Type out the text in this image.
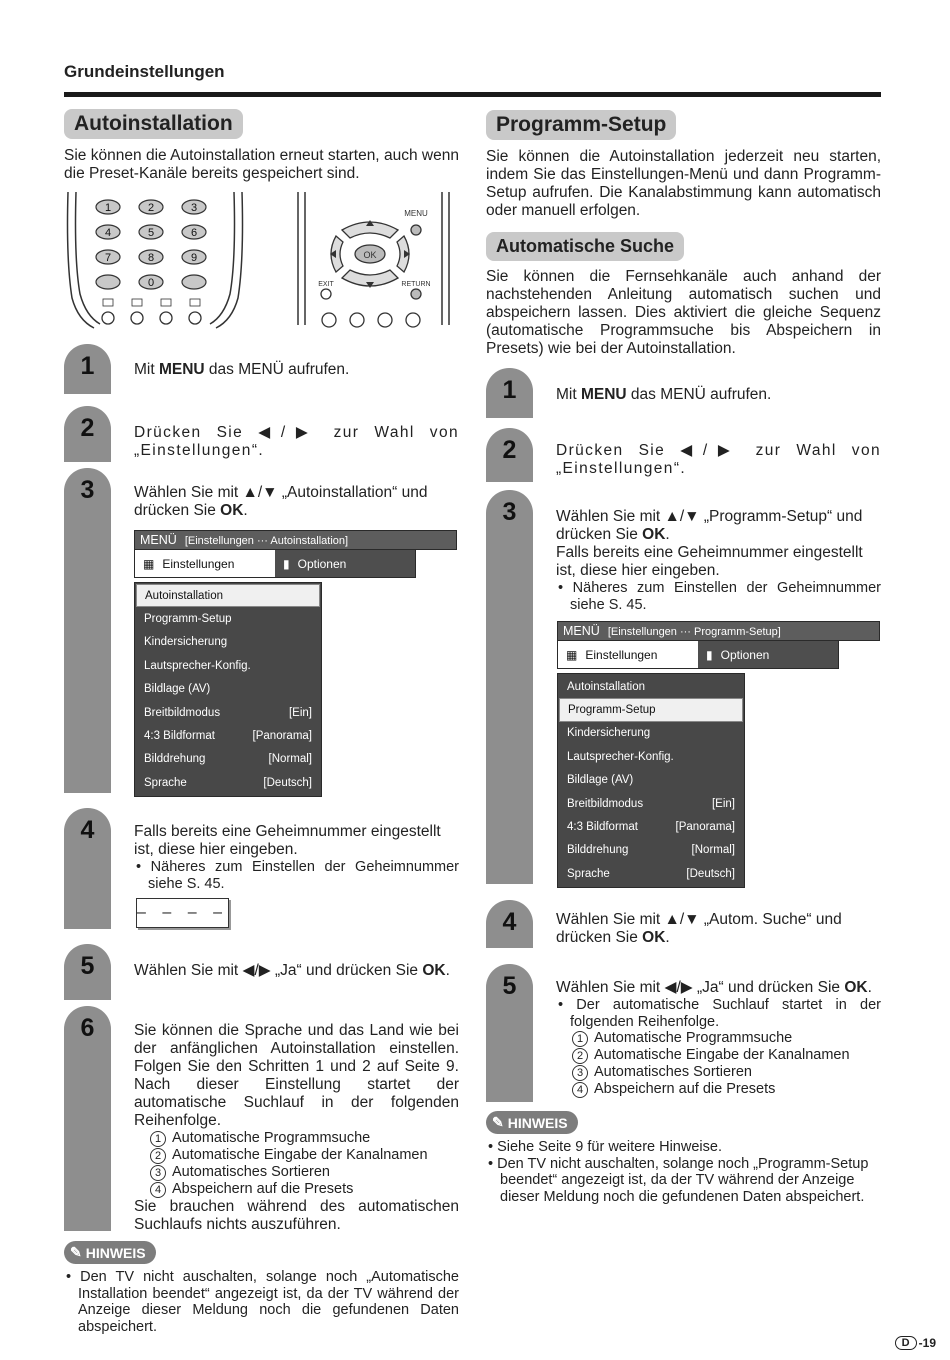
Grundeinstellungen
Autoinstallation
Sie können die Autoinstallation erneut starten, auch wenn die Preset-Kanäle bereits gespeichert sind.
1	2	3
4	5	6
7	8	9
0
OK
MENU
EXIT	RETURN
1	Mit MENU das MENÜ aufrufen.
2	Drücken Sie ◀/▶ zur Wahl von „Einstellungen“.
3	Wählen Sie mit ▲/▼ „Autoinstallation“ und drücken Sie OK.
MENÜ [Einstellungen ··· Autoinstallation]
▦ Einstellungen	▮ Optionen
Autoinstallation
Programm-Setup
Kindersicherung
Lautsprecher-Konfig.
Bildlage (AV)
Breitbildmodus	[Ein]
4:3 Bildformat	[Panorama]
Bilddrehung	[Normal]
Sprache	[Deutsch]
4	Falls bereits eine Geheimnummer eingestellt ist, diese hier eingeben.
• Näheres zum Einstellen der Geheimnummer siehe S. 45.
– – – –
5	Wählen Sie mit ◀/▶ „Ja“ und drücken Sie OK.
6	Sie können die Sprache und das Land wie bei der anfänglichen Autoinstallation einstellen. Folgen Sie den Schritten 1 und 2 auf Seite 9. Nach dieser Einstellung startet der automatische Suchlauf in der folgenden Reihenfolge.
1 Automatische Programmsuche
2 Automatische Eingabe der Kanalnamen
3 Automatisches Sortieren
4 Abspeichern auf die Presets
Sie brauchen während des automatischen Suchlaufs nichts auszuführen.
✎ HINWEIS
• Den TV nicht auschalten, solange noch „Automatische Installation beendet“ angezeigt ist, da der TV während der Anzeige dieser Meldung noch die gefundenen Daten abspeichert.
Programm-Setup
Sie können die Autoinstallation jederzeit neu starten, indem Sie das Einstellungen-Menü und dann Programm-Setup aufrufen. Die Kanalabstimmung kann automatisch oder manuell erfolgen.
Automatische Suche
Sie können die Fernsehkanäle auch anhand der nachstehenden Anleitung automatisch suchen und abspeichern lassen. Dies aktiviert die gleiche Sequenz (automatische Programmsuche bis Abspeichern in Presets) wie bei der Autoinstallation.
1	Mit MENU das MENÜ aufrufen.
2	Drücken Sie ◀/▶ zur Wahl von „Einstellungen“.
3	Wählen Sie mit ▲/▼ „Programm-Setup“ und drücken Sie OK.
Falls bereits eine Geheimnummer eingestellt ist, diese hier eingeben.
• Näheres zum Einstellen der Geheimnummer siehe S. 45.
MENÜ [Einstellungen ··· Programm-Setup]
▦ Einstellungen	▮ Optionen
Autoinstallation
Programm-Setup
Kindersicherung
Lautsprecher-Konfig.
Bildlage (AV)
Breitbildmodus	[Ein]
4:3 Bildformat	[Panorama]
Bilddrehung	[Normal]
Sprache	[Deutsch]
4	Wählen Sie mit ▲/▼ „Autom. Suche“ und drücken Sie OK.
5	Wählen Sie mit ◀/▶ „Ja“ und drücken Sie OK.
• Der automatische Suchlauf startet in der folgenden Reihenfolge.
1 Automatische Programmsuche
2 Automatische Eingabe der Kanalnamen
3 Automatisches Sortieren
4 Abspeichern auf die Presets
✎ HINWEIS
• Siehe Seite 9 für weitere Hinweise.
• Den TV nicht auschalten, solange noch „Programm-Setup beendet“ angezeigt ist, da der TV während der Anzeige dieser Meldung noch die gefundenen Daten abspeichert.
D -19
